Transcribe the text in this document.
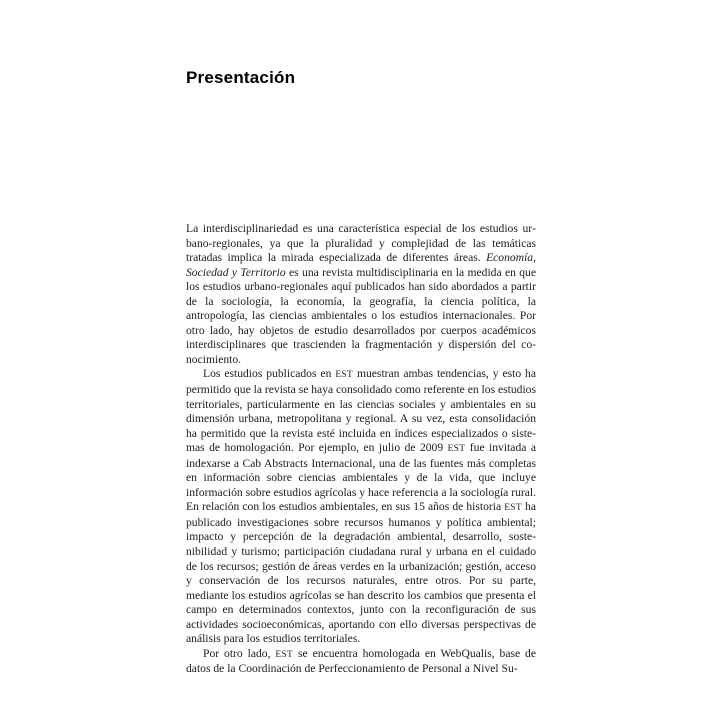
Presentación

La interdisciplinariedad es una característica especial de los estudios urbano-regionales, ya que la pluralidad y complejidad de las temáticas tratadas implica la mirada especializada de diferentes áreas. Economía, Sociedad y Territorio es una revista multidisciplinaria en la medida en que los estudios urbano-regionales aquí publicados han sido abordados a partir de la sociología, la economía, la geografía, la ciencia política, la antropología, las ciencias ambientales o los estudios internacionales. Por otro lado, hay objetos de estudio desarrollados por cuerpos académicos interdisciplinares que trascienden la fragmentación y dispersión del conocimiento.

Los estudios publicados en EST muestran ambas tendencias, y esto ha permitido que la revista se haya consolidado como referente en los estudios territoriales, particularmente en las ciencias sociales y ambientales en su dimensión urbana, metropolitana y regional. A su vez, esta consolidación ha permitido que la revista esté incluida en índices especializados o sistemas de homologación. Por ejemplo, en julio de 2009 EST fue invitada a indexarse a Cab Abstracts Internacional, una de las fuentes más completas en información sobre ciencias ambientales y de la vida, que incluye información sobre estudios agrícolas y hace referencia a la sociología rural. En relación con los estudios ambientales, en sus 15 años de historia EST ha publicado investigaciones sobre recursos humanos y política ambiental; impacto y percepción de la degradación ambiental, desarrollo, sostenibilidad y turismo; participación ciudadana rural y urbana en el cuidado de los recursos; gestión de áreas verdes en la urbanización; gestión, acceso y conservación de los recursos naturales, entre otros. Por su parte, mediante los estudios agrícolas se han descrito los cambios que presenta el campo en determinados contextos, junto con la reconfiguración de sus actividades socioeconómicas, aportando con ello diversas perspectivas de análisis para los estudios territoriales.

Por otro lado, EST se encuentra homologada en WebQualis, base de datos de la Coordinación de Perfeccionamiento de Personal a Nivel Su-
